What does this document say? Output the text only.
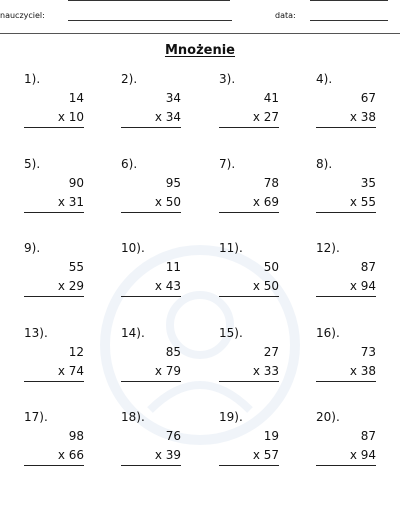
nauczyciel:	data:
Mnożenie
1).
14
x 10
2).
34
x 34
3).
41
x 27
4).
67
x 38
5).
90
x 31
6).
95
x 50
7).
78
x 69
8).
35
x 55
9).
55
x 29
10).
11
x 43
11).
50
x 50
12).
87
x 94
13).
12
x 74
14).
85
x 79
15).
27
x 33
16).
73
x 38
17).
98
x 66
18).
76
x 39
19).
19
x 57
20).
87
x 94
